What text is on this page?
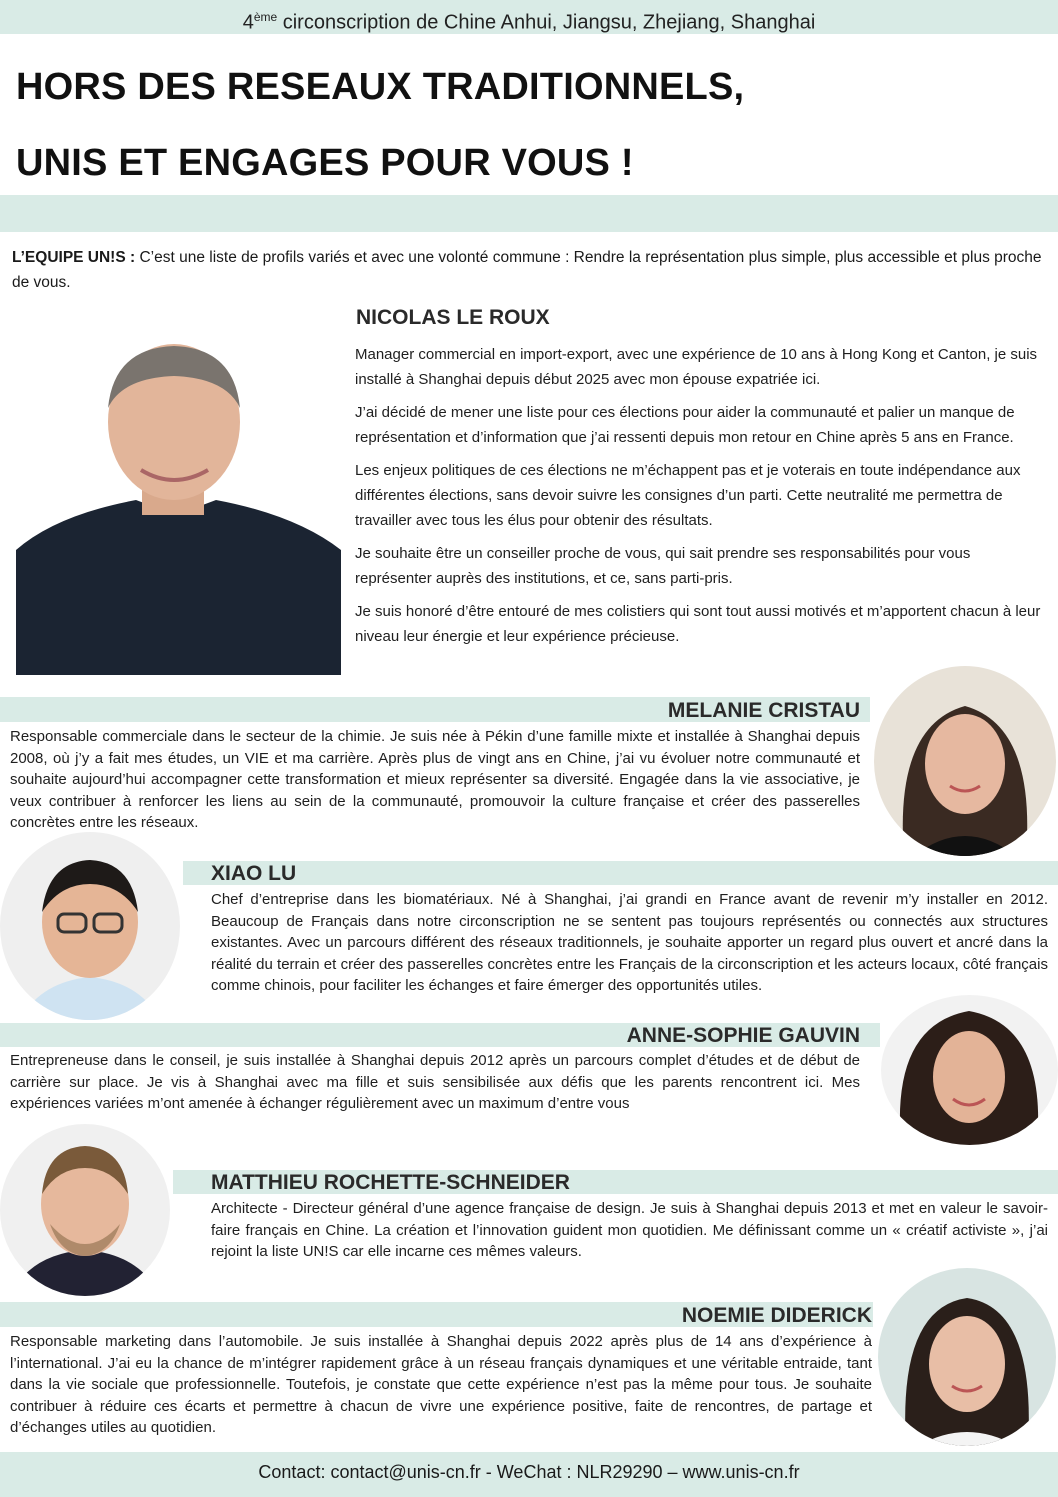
4ème circonscription de Chine Anhui, Jiangsu, Zhejiang, Shanghai
HORS DES RESEAUX TRADITIONNELS,
UNIS ET ENGAGES POUR VOUS !
L’EQUIPE UN!S : C’est une liste de profils variés et avec une volonté commune : Rendre la représentation plus simple, plus accessible et plus proche de vous.
NICOLAS LE ROUX

Manager commercial en import-export, avec une expérience de 10 ans à Hong Kong et Canton, je suis installé à Shanghai depuis début 2025 avec mon épouse expatriée ici.

J’ai décidé de mener une liste pour ces élections pour aider la communauté et palier un manque de représentation et d’information que j’ai ressenti depuis mon retour en Chine après 5 ans en France.

Les enjeux politiques de ces élections ne m’échappent pas et je voterais en toute indépendance aux différentes élections, sans devoir suivre les consignes d’un parti. Cette neutralité me permettra de travailler avec tous les élus pour obtenir des résultats.

Je souhaite être un conseiller proche de vous, qui sait prendre ses responsabilités pour vous représenter auprès des institutions, et ce, sans parti-pris.

Je suis honoré d’être entouré de mes colistiers qui sont tout aussi motivés et m’apportent chacun à leur niveau leur énergie et leur expérience précieuse.

MELANIE CRISTAU
Responsable commerciale dans le secteur de la chimie. Je suis née à Pékin d’une famille mixte et installée à Shanghai depuis 2008, où j’y a fait mes études, un VIE et ma carrière. Après plus de vingt ans en Chine, j’ai vu évoluer notre communauté et souhaite aujourd’hui accompagner cette transformation et mieux représenter sa diversité. Engagée dans la vie associative, je veux contribuer à renforcer les liens au sein de la communauté, promouvoir la culture française et créer des passerelles concrètes entre les réseaux.
XIAO LU
Chef d’entreprise dans les biomatériaux. Né à Shanghai, j’ai grandi en France avant de revenir m’y installer en 2012. Beaucoup de Français dans notre circonscription ne se sentent pas toujours représentés ou connectés aux structures existantes. Avec un parcours différent des réseaux traditionnels, je souhaite apporter un regard plus ouvert et ancré dans la réalité du terrain et créer des passerelles concrètes entre les Français de la circonscription et les acteurs locaux, côté français comme chinois, pour faciliter les échanges et faire émerger des opportunités utiles.
ANNE-SOPHIE GAUVIN
Entrepreneuse dans le conseil, je suis installée à Shanghai depuis 2012 après un parcours complet d’études et de début de carrière sur place. Je vis à Shanghai avec ma fille et suis sensibilisée aux défis que les parents rencontrent ici. Mes expériences variées m’ont amenée à échanger régulièrement avec un maximum d’entre vous
MATTHIEU ROCHETTE-SCHNEIDER
Architecte - Directeur général d’une agence française de design. Je suis à Shanghai depuis 2013 et met en valeur le savoir-faire français en Chine. La création et l’innovation guident mon quotidien. Me définissant comme un « créatif activiste », j’ai rejoint la liste UN!S car elle incarne ces mêmes valeurs.
NOEMIE DIDERICK
Responsable marketing dans l’automobile. Je suis installée à Shanghai depuis 2022 après plus de 14 ans d’expérience à l’international. J’ai eu la chance de m’intégrer rapidement grâce à un réseau français dynamiques et une véritable entraide, tant dans la vie sociale que professionnelle. Toutefois, je constate que cette expérience n’est pas la même pour tous. Je souhaite contribuer à réduire ces écarts et permettre à chacun de vivre une expérience positive, faite de rencontres, de partage et d’échanges utiles au quotidien.
Contact: contact@unis-cn.fr - WeChat : NLR29290 – www.unis-cn.fr
